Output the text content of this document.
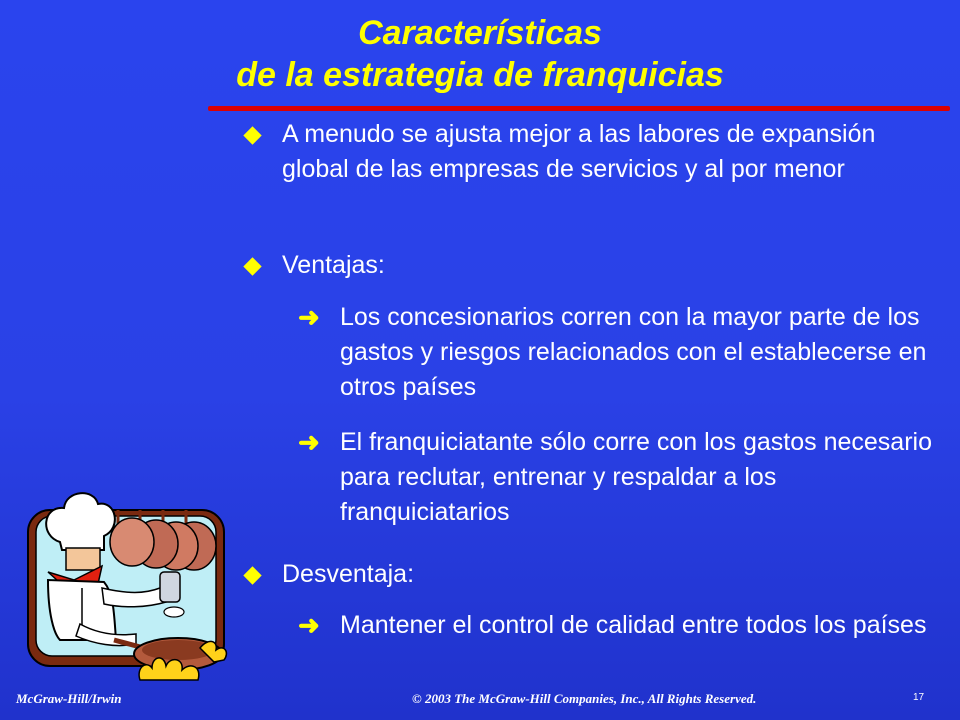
Características
de la estrategia de franquicias
A menudo se ajusta mejor a las labores de expansión global de las empresas de servicios y al por menor
Ventajas:
➜ Los concesionarios corren con la mayor parte de los gastos y riesgos relacionados con el establecerse en otros países
➜ El franquiciatante sólo corre con los gastos necesario para reclutar, entrenar y respaldar a los franquiciatarios
Desventaja:
➜ Mantener el control de calidad entre todos los países
McGraw-Hill/Irwin	© 2003 The McGraw-Hill Companies, Inc., All Rights Reserved.	17
